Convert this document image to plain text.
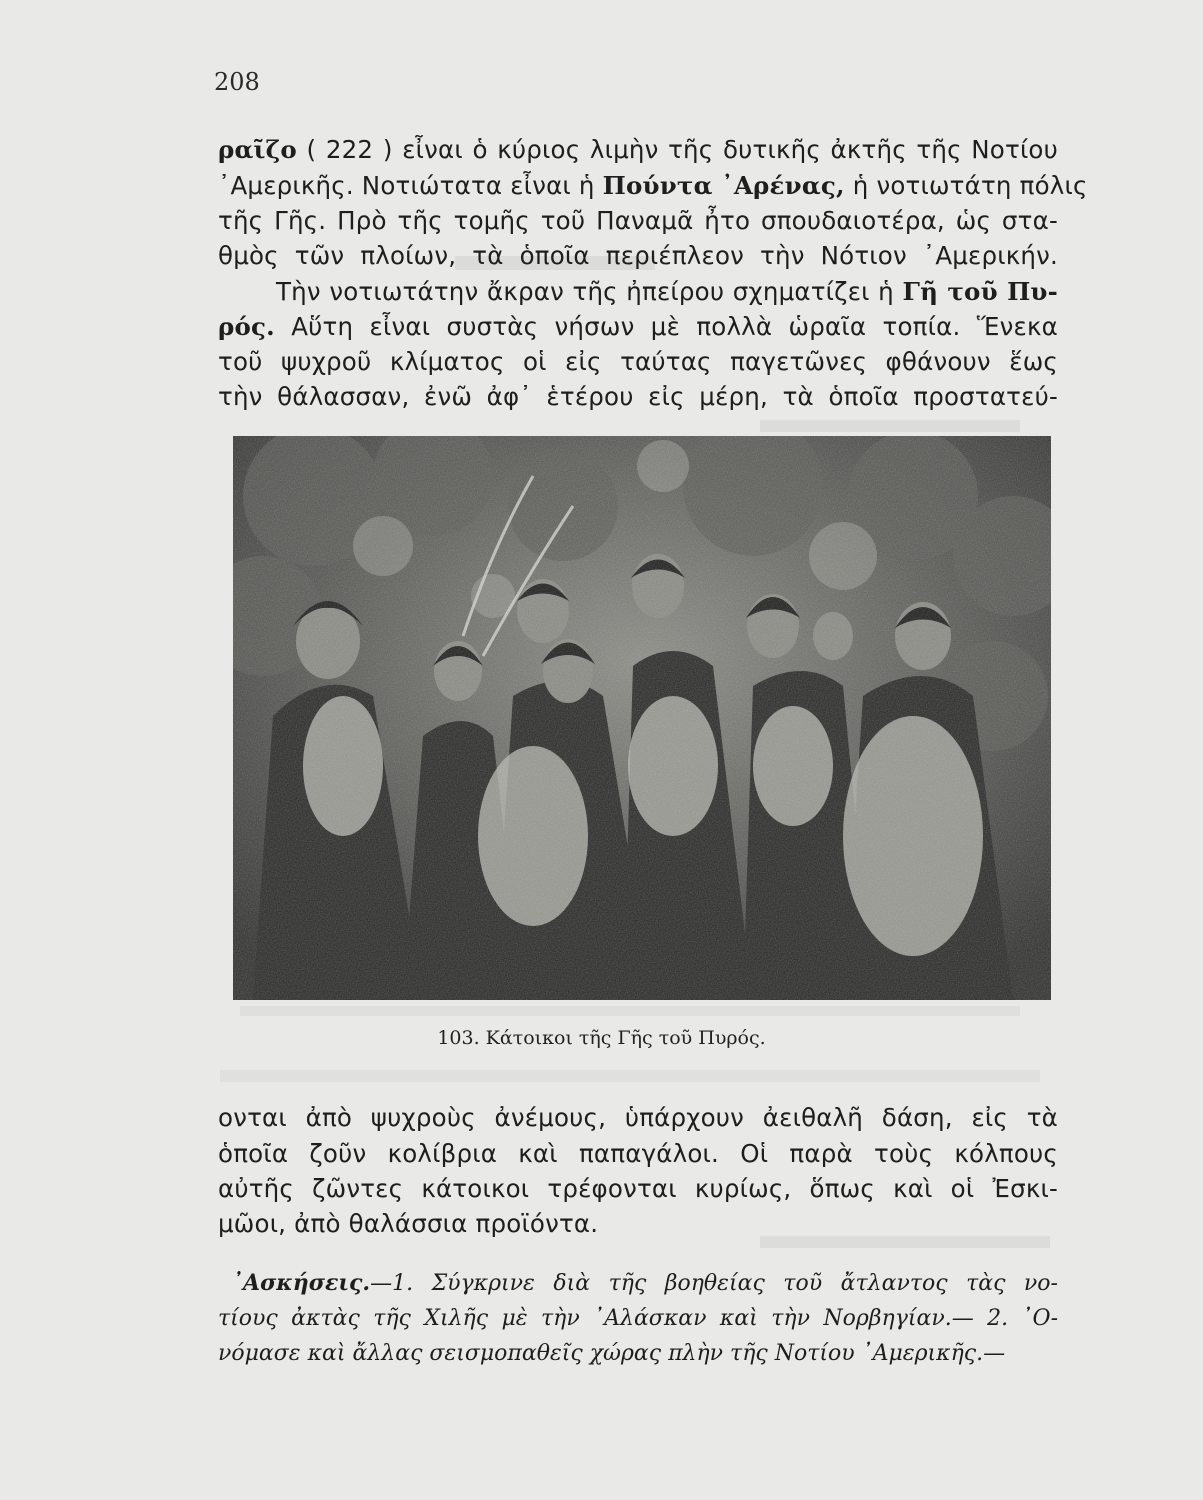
208
ραῖζο ( 222 ) εἶναι ὁ κύριος λιμὴν τῆς δυτικῆς ἀκτῆς τῆς Νοτίου
᾿Αμερικῆς. Νοτιώτατα εἶναι ἡ Πούντα ᾿Αρένας, ἡ νοτιωτάτη πόλις
τῆς Γῆς. Πρὸ τῆς τομῆς τοῦ Παναμᾶ ἦτο σπουδαιοτέρα, ὡς στα-
θμὸς τῶν πλοίων, τὰ ὁποῖα περιέπλεον τὴν Νότιον ᾿Αμερικήν.
Τὴν νοτιωτάτην ἄκραν τῆς ἠπείρου σχηματίζει ἡ Γῆ τοῦ Πυ-
ρός. Αὕτη εἶναι συστὰς νήσων μὲ πολλὰ ὡραῖα τοπία. Ἕνεκα
τοῦ ψυχροῦ κλίματος οἱ εἰς ταύτας παγετῶνες φθάνουν ἕως
τὴν θάλασσαν, ἐνῶ ἀφ᾿ ἑτέρου εἰς μέρη, τὰ ὁποῖα προστατεύ-
103. Κάτοικοι τῆς Γῆς τοῦ Πυρός.
ονται ἀπὸ ψυχροὺς ἀνέμους, ὑπάρχουν ἀειθαλῆ δάση, εἰς τὰ
ὁποῖα ζοῦν κολίβρια καὶ παπαγάλοι. Οἱ παρὰ τοὺς κόλπους
αὐτῆς ζῶντες κάτοικοι τρέφονται κυρίως, ὅπως καὶ οἱ Ἐσκι-
μῶοι, ἀπὸ θαλάσσια προϊόντα.
᾿Ασκήσεις.—1. Σύγκρινε διὰ τῆς βοηθείας τοῦ ἄτλαντος τὰς νο-
τίους ἀκτὰς τῆς Χιλῆς μὲ τὴν ᾿Αλάσκαν καὶ τὴν Νορβηγίαν.— 2. ᾿Ο-
νόμασε καὶ ἄλλας σεισμοπαθεῖς χώρας πλὴν τῆς Νοτίου ᾿Αμερικῆς.—
